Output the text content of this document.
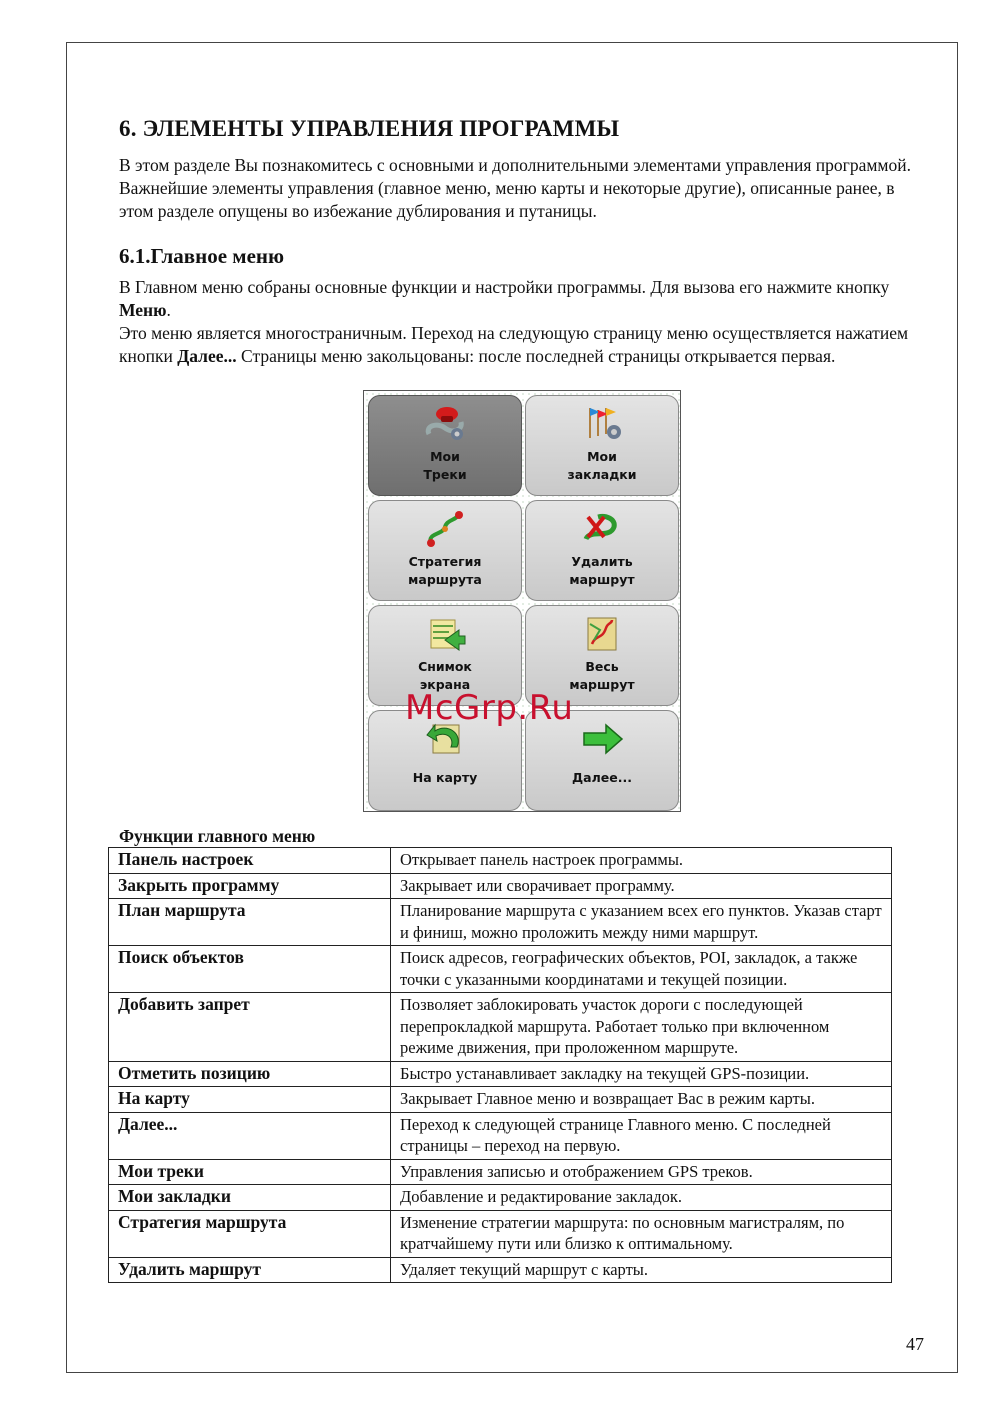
6. ЭЛЕМЕНТЫ УПРАВЛЕНИЯ ПРОГРАММЫ
В этом разделе Вы познакомитесь с основными и дополнительными элементами управления программой. Важнейшие элементы управления (главное меню, меню карты и некоторые другие), описанные ранее, в этом разделе опущены во избежание дублирования и путаницы.
6.1.Главное меню
В Главном меню собраны основные функции и настройки программы. Для вызова его нажмите кнопку Меню.
Это меню является многостраничным. Переход на следующую страницу меню осуществляется нажатием кнопки Далее... Страницы меню закольцованы: после последней страницы открывается первая.
Мои
Треки
Мои
закладки
Стратегия
маршрута
Удалить
маршрут
Снимок
экрана
Весь
маршрут
На карту	Далее...
McGrp.Ru
Функции главного меню
Панель настроек	Открывает панель настроек программы.
Закрыть программу	Закрывает или сворачивает программу.
План маршрута	Планирование маршрута с указанием всех его пунктов. Указав старт и финиш, можно проложить между ними маршрут.
Поиск объектов	Поиск адресов, географических объектов, POI, закладок, а также точки с указанными координатами и текущей позиции.
Добавить запрет	Позволяет заблокировать участок дороги с последующей перепрокладкой маршрута. Работает только при включенном режиме движения, при проложенном маршруте.
Отметить позицию	Быстро устанавливает закладку на текущей GPS-позиции.
На карту	Закрывает Главное меню и возвращает Вас в режим карты.
Далее...	Переход к следующей странице Главного меню. С последней страницы – переход на первую.
Мои треки	Управления записью и отображением GPS треков.
Мои закладки	Добавление и редактирование закладок.
Стратегия маршрута	Изменение стратегии маршрута: по основным магистралям, по кратчайшему пути или близко к оптимальному.
Удалить маршрут	Удаляет текущий маршрут с карты.
47
